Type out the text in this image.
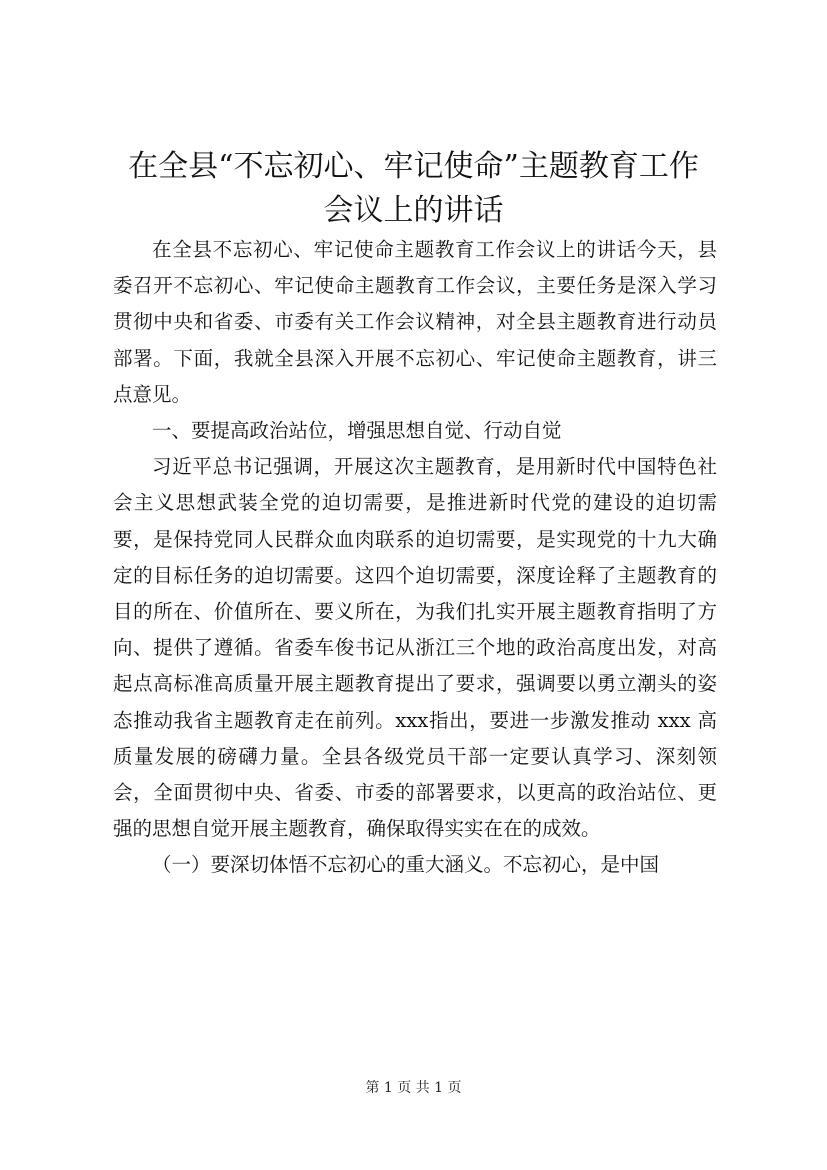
在全县“不忘初心、牢记使命”主题教育工作
会议上的讲话

在全县不忘初心、牢记使命主题教育工作会议上的讲话今天，县委召开不忘初心、牢记使命主题教育工作会议，主要任务是深入学习贯彻中央和省委、市委有关工作会议精神，对全县主题教育进行动员部署。下面，我就全县深入开展不忘初心、牢记使命主题教育，讲三点意见。

一、要提高政治站位，增强思想自觉、行动自觉

习近平总书记强调，开展这次主题教育，是用新时代中国特色社会主义思想武装全党的迫切需要，是推进新时代党的建设的迫切需要，是保持党同人民群众血肉联系的迫切需要，是实现党的十九大确定的目标任务的迫切需要。这四个迫切需要，深度诠释了主题教育的目的所在、价值所在、要义所在，为我们扎实开展主题教育指明了方向、提供了遵循。省委车俊书记从浙江三个地的政治高度出发，对高起点高标准高质量开展主题教育提出了要求，强调要以勇立潮头的姿态推动我省主题教育走在前列。xxx指出，要进一步激发推动 xxx 高质量发展的磅礴力量。全县各级党员干部一定要认真学习、深刻领会，全面贯彻中央、省委、市委的部署要求，以更高的政治站位、更强的思想自觉开展主题教育，确保取得实实在在的成效。

（一）要深切体悟不忘初心的重大涵义。不忘初心，是中国

第 1 页 共 1 页
